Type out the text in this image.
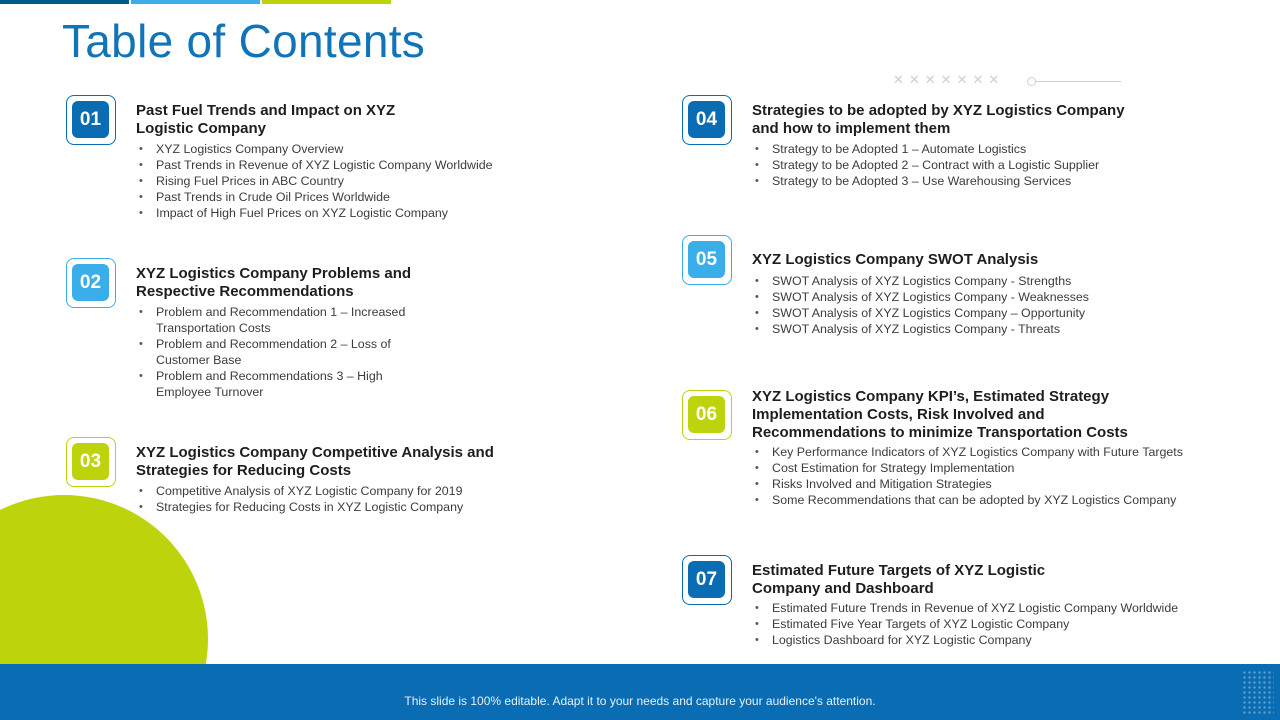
Table of Contents
✕✕✕✕✕✕✕
01	Past Fuel Trends and Impact on XYZ
Logistic Company
• XYZ Logistics Company Overview
• Past Trends in Revenue of XYZ Logistic Company Worldwide
• Rising Fuel Prices in ABC Country
• Past Trends in Crude Oil Prices Worldwide
• Impact of High Fuel Prices on XYZ Logistic Company
02	XYZ Logistics Company Problems and
Respective Recommendations
• Problem and Recommendation 1 – Increased Transportation Costs
• Problem and Recommendation 2 – Loss of Customer Base
• Problem and Recommendations 3 – High Employee Turnover
03	XYZ Logistics Company Competitive Analysis and
Strategies for Reducing Costs
• Competitive Analysis of XYZ Logistic Company for 2019
• Strategies for Reducing Costs in XYZ Logistic Company
04	Strategies to be adopted by XYZ Logistics Company
and how to implement them
• Strategy to be Adopted 1 – Automate Logistics
• Strategy to be Adopted 2 – Contract with a Logistic Supplier
• Strategy to be Adopted 3 – Use Warehousing Services
05	XYZ Logistics Company SWOT Analysis
• SWOT Analysis of XYZ Logistics Company - Strengths
• SWOT Analysis of XYZ Logistics Company - Weaknesses
• SWOT Analysis of XYZ Logistics Company – Opportunity
• SWOT Analysis of XYZ Logistics Company - Threats
06
XYZ Logistics Company KPI’s, Estimated Strategy
Implementation Costs, Risk Involved and
Recommendations to minimize Transportation Costs
• Key Performance Indicators of XYZ Logistics Company with Future Targets
• Cost Estimation for Strategy Implementation
• Risks Involved and Mitigation Strategies
• Some Recommendations that can be adopted by XYZ Logistics Company
07	Estimated Future Targets of XYZ Logistic
Company and Dashboard
• Estimated Future Trends in Revenue of XYZ Logistic Company Worldwide
• Estimated Five Year Targets of XYZ Logistic Company
• Logistics Dashboard for XYZ Logistic Company
This slide is 100% editable. Adapt it to your needs and capture your audience's attention.
